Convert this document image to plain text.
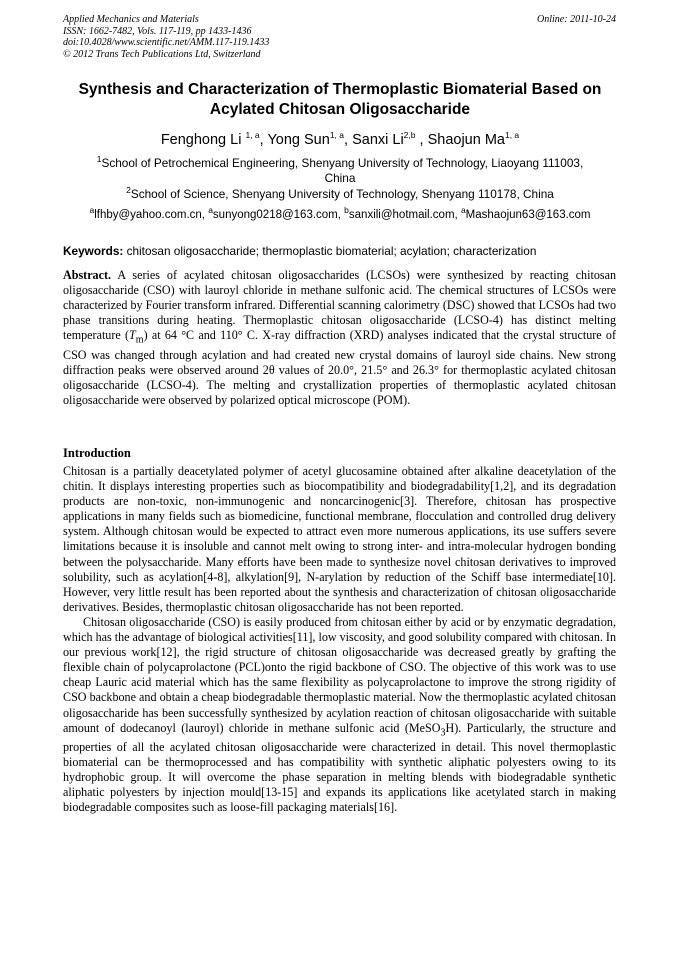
Applied Mechanics and Materials
ISSN: 1662-7482, Vols. 117-119, pp 1433-1436
doi:10.4028/www.scientific.net/AMM.117-119.1433
© 2012 Trans Tech Publications Ltd, Switzerland
Online: 2011-10-24
Synthesis and Characterization of Thermoplastic Biomaterial Based on
Acylated Chitosan Oligosaccharide
Fenghong Li $^{1, a}$, Yong Sun$^{1, a}$, Sanxi Li$^{2,b}$ , Shaojun Ma$^{1, a}$
$^1$School of Petrochemical Engineering, Shenyang University of Technology, Liaoyang 111003,
China
$^2$School of Science, Shenyang University of Technology, Shenyang 110178, China
$^a$lfhby@yahoo.com.cn, $^a$sunyong0218@163.com, $^b$sanxili@hotmail.com, $^a$Mashaojun63@163.com
Keywords: chitosan oligosaccharide; thermoplastic biomaterial; acylation; characterization
Abstract. A series of acylated chitosan oligosaccharides (LCSOs) were synthesized by reacting chitosan oligosaccharide (CSO) with lauroyl chloride in methane sulfonic acid. The chemical structures of LCSOs were characterized by Fourier transform infrared. Differential scanning calorimetry (DSC) showed that LCSOs had two phase transitions during heating. Thermoplastic chitosan oligosaccharide (LCSO-4) has distinct melting temperature $(T_m)$ at 64 °C and 110° C. X-ray diffraction (XRD) analyses indicated that the crystal structure of CSO was changed through acylation and had created new crystal domains of lauroyl side chains. New strong diffraction peaks were observed around 2θ values of 20.0°, 21.5° and 26.3° for thermoplastic acylated chitosan oligosaccharide (LCSO-4). The melting and crystallization properties of thermoplastic acylated chitosan oligosaccharide were observed by polarized optical microscope (POM).
Introduction

Chitosan is a partially deacetylated polymer of acetyl glucosamine obtained after alkaline deacetylation of the chitin. It displays interesting properties such as biocompatibility and biodegradability[1,2], and its degradation products are non-toxic, non-immunogenic and noncarcinogenic[3]. Therefore, chitosan has prospective applications in many fields such as biomedicine, functional membrane, flocculation and controlled drug delivery system. Although chitosan would be expected to attract even more numerous applications, its use suffers severe limitations because it is insoluble and cannot melt owing to strong inter- and intra-molecular hydrogen bonding between the polysaccharide. Many efforts have been made to synthesize novel chitosan derivatives to improved solubility, such as acylation[4-8], alkylation[9], N-arylation by reduction of the Schiff base intermediate[10]. However, very little result has been reported about the synthesis and characterization of chitosan oligosaccharide derivatives. Besides, thermoplastic chitosan oligosaccharide has not been reported.

Chitosan oligosaccharide (CSO) is easily produced from chitosan either by acid or by enzymatic degradation, which has the advantage of biological activities[11], low viscosity, and good solubility compared with chitosan. In our previous work[12], the rigid structure of chitosan oligosaccharide was decreased greatly by grafting the flexible chain of polycaprolactone (PCL)onto the rigid backbone of CSO. The objective of this work was to use cheap Lauric acid material which has the same flexibility as polycaprolactone to improve the strong rigidity of CSO backbone and obtain a cheap biodegradable thermoplastic material. Now the thermoplastic acylated chitosan oligosaccharide has been successfully synthesized by acylation reaction of chitosan oligosaccharide with suitable amount of dodecanoyl (lauroyl) chloride in methane sulfonic acid (MeSO$_3$H). Particularly, the structure and properties of all the acylated chitosan oligosaccharide were characterized in detail. This novel thermoplastic biomaterial can be thermoprocessed and has compatibility with synthetic aliphatic polyesters owing to its hydrophobic group. It will overcome the phase separation in melting blends with biodegradable synthetic aliphatic polyesters by injection mould[13-15] and expands its applications like acetylated starch in making biodegradable composites such as loose-fill packaging materials[16].
